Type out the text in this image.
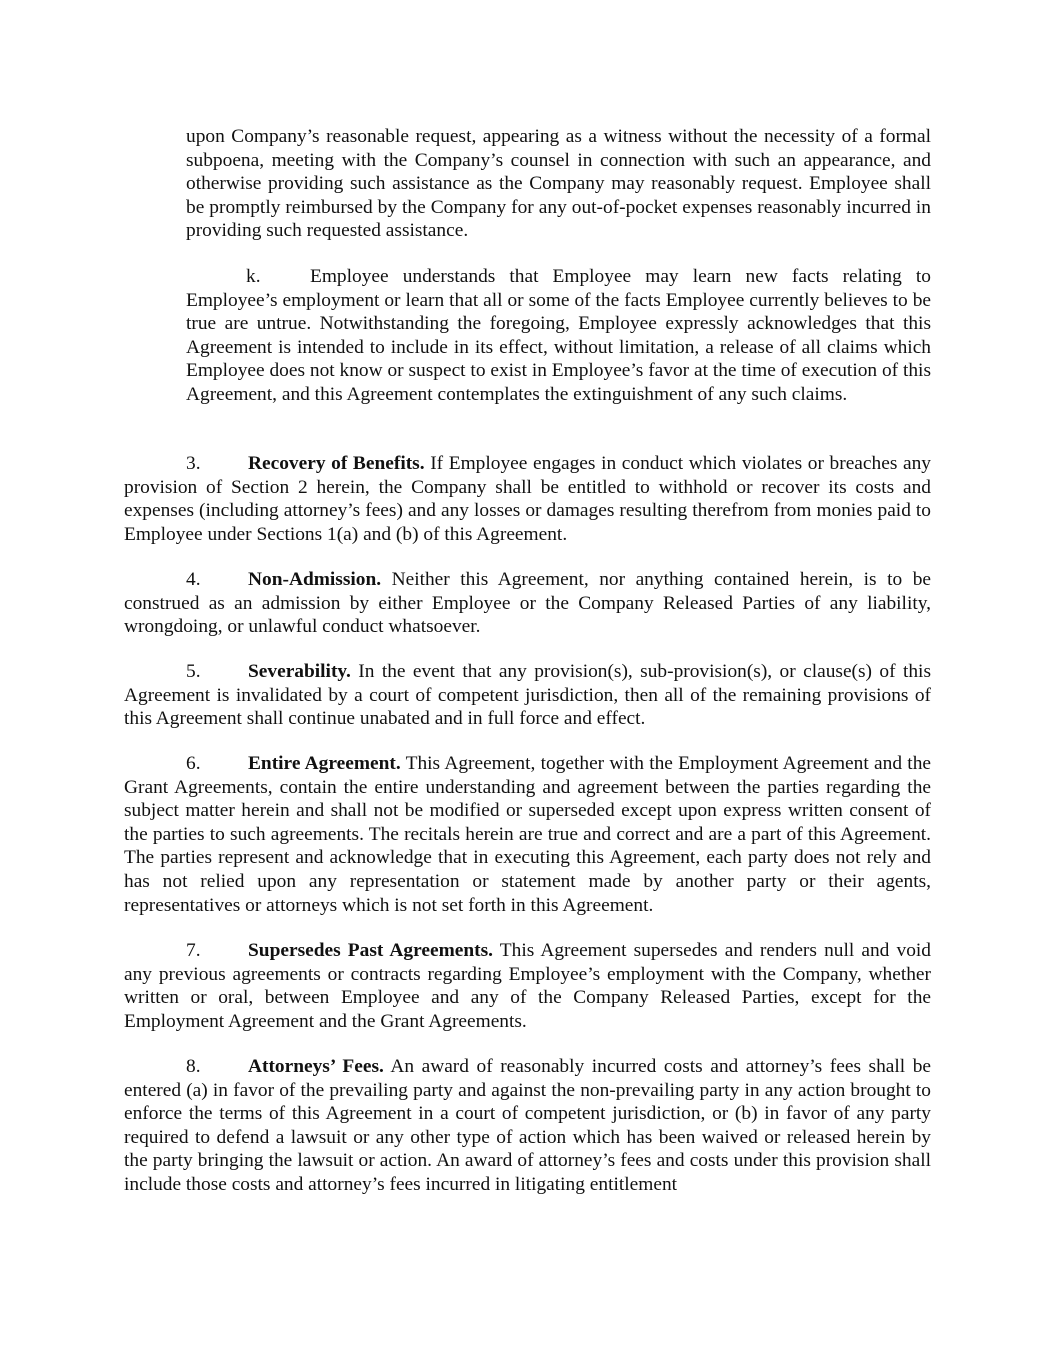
upon Company’s reasonable request, appearing as a witness without the necessity of a formal subpoena, meeting with the Company’s counsel in connection with such an appearance, and otherwise providing such assistance as the Company may reasonably request. Employee shall be promptly reimbursed by the Company for any out-of-pocket expenses reasonably incurred in providing such requested assistance.

k.	Employee understands that Employee may learn new facts relating to Employee’s employment or learn that all or some of the facts Employee currently believes to be true are untrue. Notwithstanding the foregoing, Employee expressly acknowledges that this Agreement is intended to include in its effect, without limitation, a release of all claims which Employee does not know or suspect to exist in Employee’s favor at the time of execution of this Agreement, and this Agreement contemplates the extinguishment of any such claims.

3. Recovery of Benefits. If Employee engages in conduct which violates or breaches any provision of Section 2 herein, the Company shall be entitled to withhold or recover its costs and expenses (including attorney’s fees) and any losses or damages resulting therefrom from monies paid to Employee under Sections 1(a) and (b) of this Agreement.

4. Non-Admission. Neither this Agreement, nor anything contained herein, is to be construed as an admission by either Employee or the Company Released Parties of any liability, wrongdoing, or unlawful conduct whatsoever.

5. Severability. In the event that any provision(s), sub-provision(s), or clause(s) of this Agreement is invalidated by a court of competent jurisdiction, then all of the remaining provisions of this Agreement shall continue unabated and in full force and effect.

6. Entire Agreement. This Agreement, together with the Employment Agreement and the Grant Agreements, contain the entire understanding and agreement between the parties regarding the subject matter herein and shall not be modified or superseded except upon express written consent of the parties to such agreements. The recitals herein are true and correct and are a part of this Agreement. The parties represent and acknowledge that in executing this Agreement, each party does not rely and has not relied upon any representation or statement made by another party or their agents, representatives or attorneys which is not set forth in this Agreement.

7. Supersedes Past Agreements. This Agreement supersedes and renders null and void any previous agreements or contracts regarding Employee’s employment with the Company, whether written or oral, between Employee and any of the Company Released Parties, except for the Employment Agreement and the Grant Agreements.

8. Attorneys’ Fees. An award of reasonably incurred costs and attorney’s fees shall be entered (a) in favor of the prevailing party and against the non-prevailing party in any action brought to enforce the terms of this Agreement in a court of competent jurisdiction, or (b) in favor of any party required to defend a lawsuit or any other type of action which has been waived or released herein by the party bringing the lawsuit or action. An award of attorney’s fees and costs under this provision shall include those costs and attorney’s fees incurred in litigating entitlement
